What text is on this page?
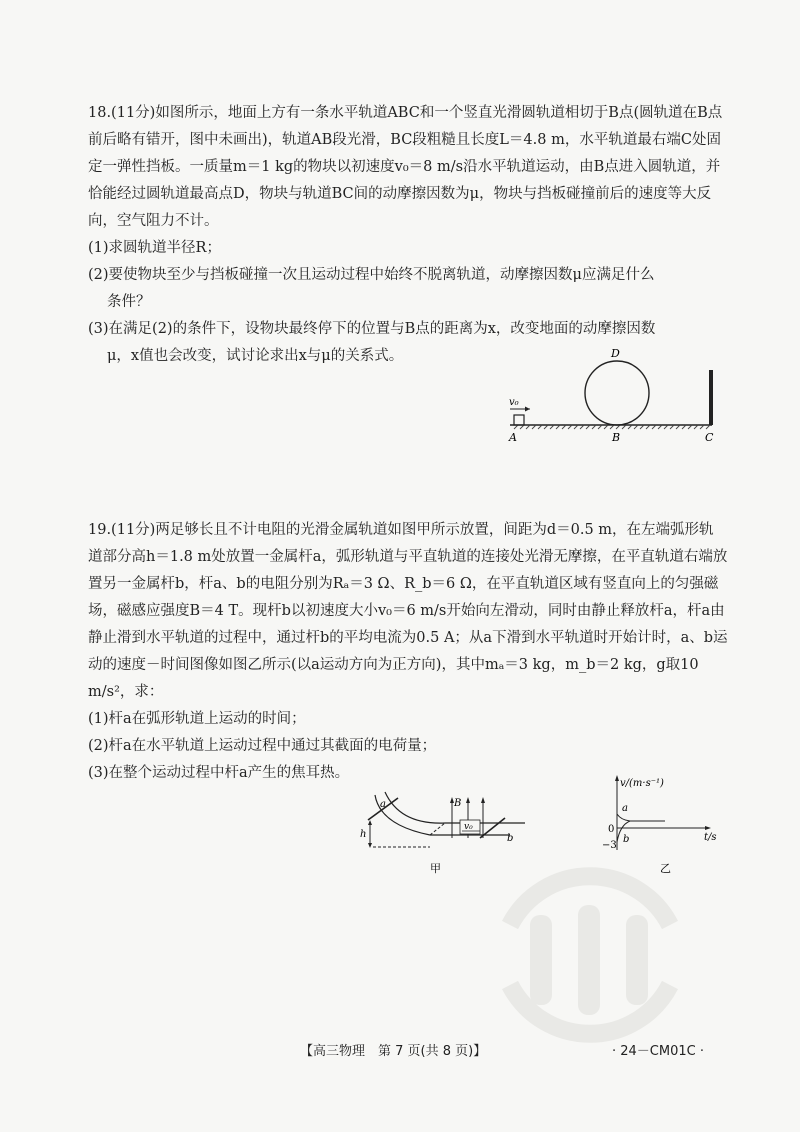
18.(11分)如图所示，地面上方有一条水平轨道ABC和一个竖直光滑圆轨道相切于B点(圆轨道在B点前后略有错开，图中未画出)，轨道AB段光滑，BC段粗糙且长度L＝4.8 m，水平轨道最右端C处固定一弹性挡板。一质量m＝1 kg的物块以初速度v₀＝8 m/s沿水平轨道运动，由B点进入圆轨道，并恰能经过圆轨道最高点D，物块与轨道BC间的动摩擦因数为μ，物块与挡板碰撞前后的速度等大反向，空气阻力不计。

(1)求圆轨道半径R；

(2)要使物块至少与挡板碰撞一次且运动过程中始终不脱离轨道，动摩擦因数μ应满足什么

条件？

(3)在满足(2)的条件下，设物块最终停下的位置与B点的距离为x，改变地面的动摩擦因数

μ，x值也会改变，试讨论求出x与μ的关系式。

v₀
D
A	B	C

19.(11分)两足够长且不计电阻的光滑金属轨道如图甲所示放置，间距为d＝0.5 m，在左端弧形轨道部分高h＝1.8 m处放置一金属杆a，弧形轨道与平直轨道的连接处光滑无摩擦，在平直轨道右端放置另一金属杆b，杆a、b的电阻分别为Rₐ＝3 Ω、R_b＝6 Ω，在平直轨道区域有竖直向上的匀强磁场，磁感应强度B＝4 T。现杆b以初速度大小v₀＝6 m/s开始向左滑动，同时由静止释放杆a，杆a由静止滑到水平轨道的过程中，通过杆b的平均电流为0.5 A；从a下滑到水平轨道时开始计时，a、b运动的速度－时间图像如图乙所示(以a运动方向为正方向)，其中mₐ＝3 kg，m_b＝2 kg，g取10 m/s²，求：

(1)杆a在弧形轨道上运动的时间；

(2)杆a在水平轨道上运动过程中通过其截面的电荷量；

(3)在整个运动过程中杆a产生的焦耳热。

v₀
B
a
b
h
甲
v/(m·s⁻¹)
t/s
0
−3
a
b
乙
【高三物理　第 7 页(共 8 页)】	· 24－CM01C ·
